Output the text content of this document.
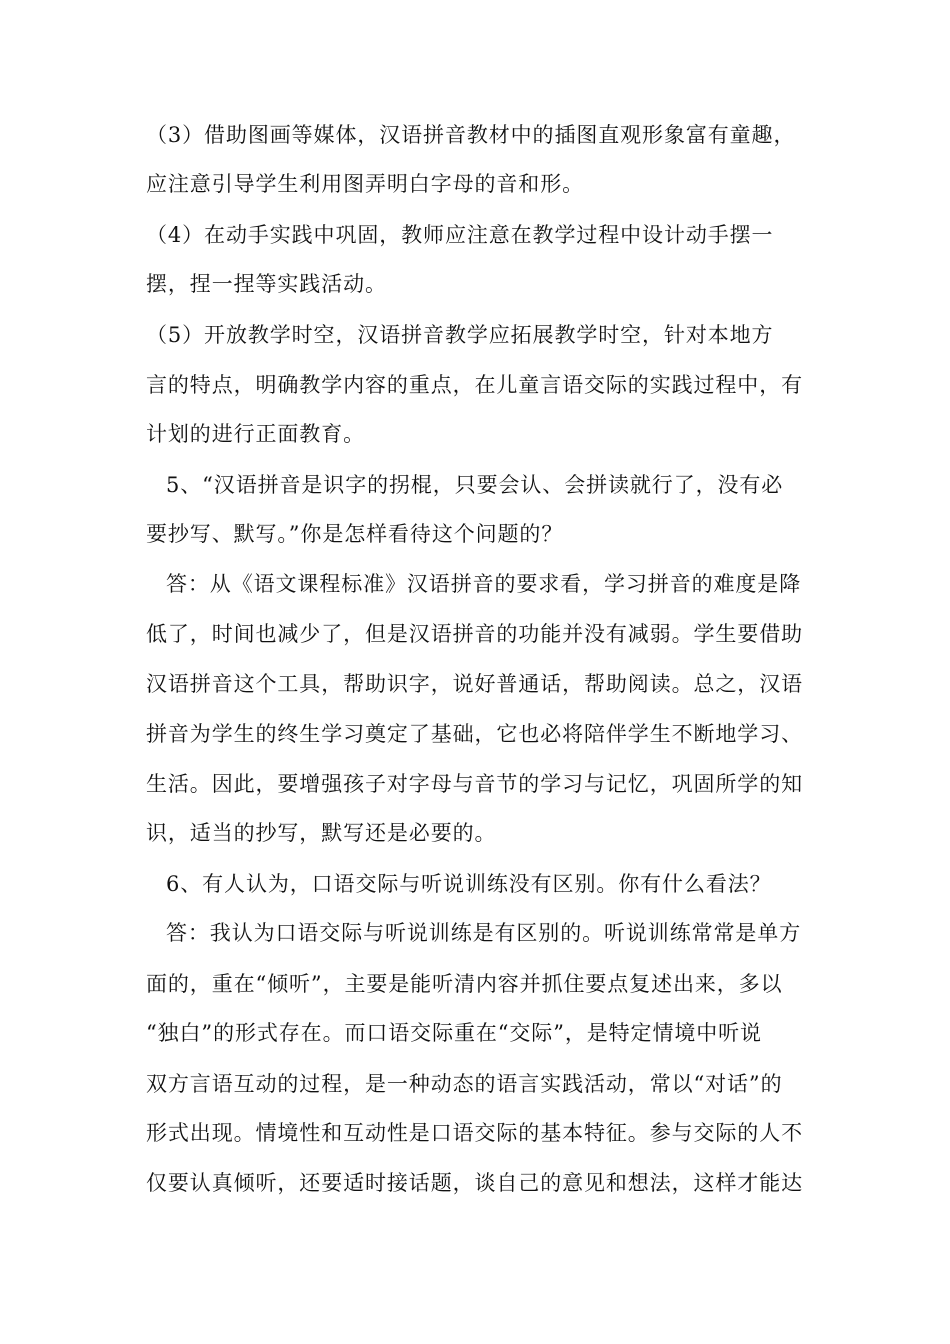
（3）借助图画等媒体，汉语拼音教材中的插图直观形象富有童趣，
应注意引导学生利用图弄明白字母的音和形。
（4）在动手实践中巩固，教师应注意在教学过程中设计动手摆一
摆，捏一捏等实践活动。
（5）开放教学时空，汉语拼音教学应拓展教学时空，针对本地方
言的特点，明确教学内容的重点，在儿童言语交际的实践过程中，有
计划的进行正面教育。
5、“汉语拼音是识字的拐棍，只要会认、会拼读就行了，没有必
要抄写、默写。”你是怎样看待这个问题的？
答：从《语文课程标准》汉语拼音的要求看，学习拼音的难度是降
低了，时间也减少了，但是汉语拼音的功能并没有减弱。学生要借助
汉语拼音这个工具，帮助识字，说好普通话，帮助阅读。总之，汉语
拼音为学生的终生学习奠定了基础，它也必将陪伴学生不断地学习、
生活。因此，要增强孩子对字母与音节的学习与记忆，巩固所学的知
识，适当的抄写，默写还是必要的。
6、有人认为，口语交际与听说训练没有区别。你有什么看法？
答：我认为口语交际与听说训练是有区别的。听说训练常常是单方
面的，重在“倾听”，主要是能听清内容并抓住要点复述出来，多以
“独白”的形式存在。而口语交际重在“交际”，是特定情境中听说
双方言语互动的过程，是一种动态的语言实践活动，常以“对话”的
形式出现。情境性和互动性是口语交际的基本特征。参与交际的人不
仅要认真倾听，还要适时接话题，谈自己的意见和想法，这样才能达
